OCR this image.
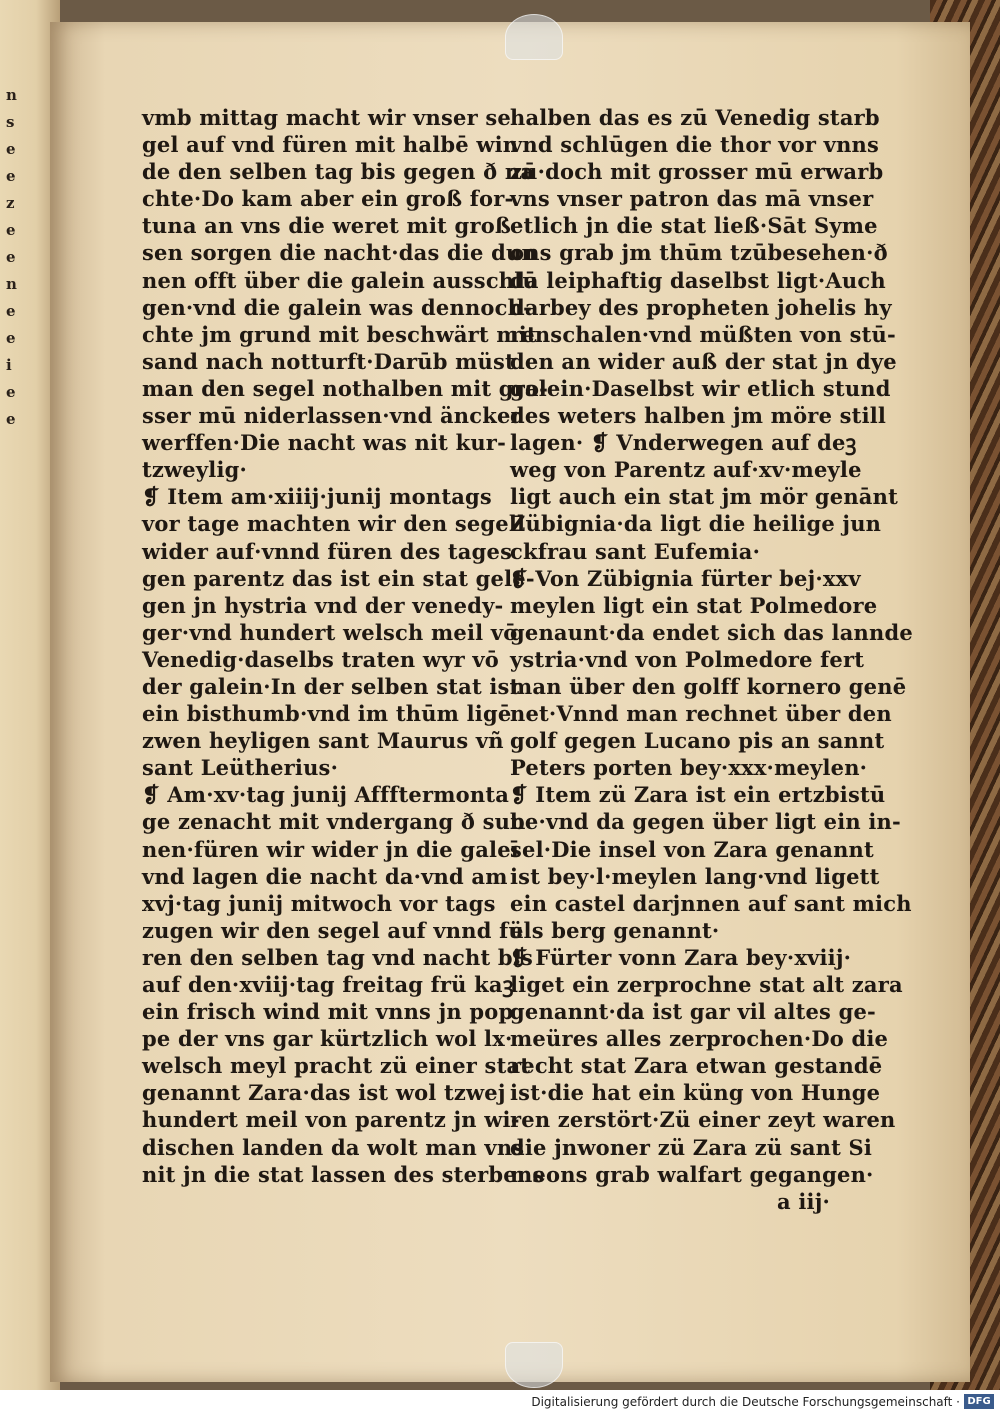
n
s
e
e
z
e
e
n
e
e
i
e
e
vmb mittag macht wir vnser se
gel auf vnd füren mit halbē win
de den selben tag bis gegen ð na
chte·Do kam aber ein groß for-
tuna an vns die weret mit groß
sen sorgen die nacht·das die dun
nen offt über die galein ausschlū
gen·vnd die galein was dennoch-
chte jm grund mit beschwärt mit
sand nach notturft·Darūb müst
man den segel nothalben mit gro-
sser mū niderlassen·vnd äncker
werffen·Die nacht was nit kur-
tzweylig·
❡ Item am·xiiij·junij montags
vor tage machten wir den segell
wider auf·vnnd füren des tages
gen parentz das ist ein stat gele-
gen jn hystria vnd der venedy-
ger·vnd hundert welsch meil vō
Venedig·daselbs traten wyr vō
der galein·In der selben stat ist
ein bisthumb·vnd im thūm ligē
zwen heyligen sant Maurus vñ
sant Leütherius·
❡ Am·xv·tag junij Affftermonta
ge zenacht mit vndergang ð sun
nen·füren wir wider jn die galeī
vnd lagen die nacht da·vnd am
xvj·tag junij mitwoch vor tags
zugen wir den segel auf vnnd fü
ren den selben tag vnd nacht bis
auf den·xviij·tag freitag frü kaꝫ
ein frisch wind mit vnns jn pop
pe der vns gar kürtzlich wol lx·
welsch meyl pracht zü einer stat
genannt Zara·das ist wol tzwej
hundert meil von parentz jn wi-
dischen landen da wolt man vns
nit jn die stat lassen des sterbens
halben das es zū Venedig starb
vnd schlūgen die thor vor vnns
zū·doch mit grosser mū erwarb
vns vnser patron das mā vnser
etlich jn die stat ließ·Sāt Syme
ons grab jm thūm tzūbesehen·ð
da leiphaftig daselbst ligt·Auch
darbey des propheten johelis hy
renschalen·vnd müßten von stū-
den an wider auß der stat jn dye
galein·Daselbst wir etlich stund
des weters halben jm möre still
lagen· ❡ Vnderwegen auf deꝫ
weg von Parentz auf·xv·meyle
ligt auch ein stat jm mör genānt
Zübignia·da ligt die heilige jun
ckfrau sant Eufemia·
❡ Von Zübignia fürter bej·xxv
meylen ligt ein stat Polmedore
genaunt·da endet sich das lannde
ystria·vnd von Polmedore fert
man über den golff kornero genē
net·Vnnd man rechnet über den
golf gegen Lucano pis an sannt
Peters porten bey·xxx·meylen·
❡ Item zü Zara ist ein ertzbistū
be·vnd da gegen über ligt ein in-
sel·Die insel von Zara genannt
ist bey·l·meylen lang·vnd ligett
ein castel darjnnen auf sant mich
els berg genannt·
❡ Fürter vonn Zara bey·xviij·
liget ein zerprochne stat alt zara
genannt·da ist gar vil altes ge-
meüres alles zerprochen·Do die
recht stat Zara etwan gestandē
ist·die hat ein küng von Hunge
ren zerstört·Zü einer zeyt waren
die jnwoner zü Zara zü sant Si
meons grab walfart gegangen·
a iij·
Digitalisierung gefördert durch die Deutsche Forschungsgemeinschaft · DFG
